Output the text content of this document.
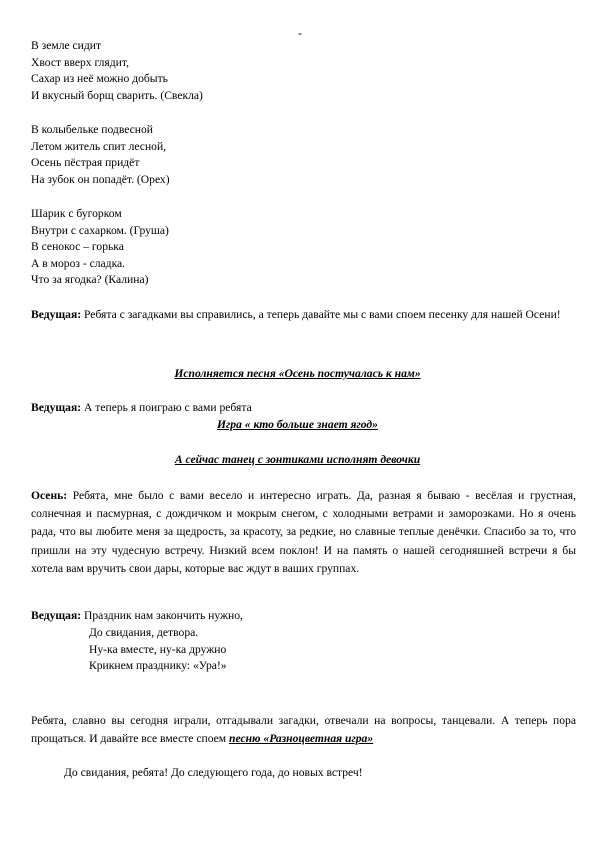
-
В земле сидит
Хвост вверх глядит,
Сахар из неё можно добыть
И вкусный борщ сварить. (Свекла)
В колыбельке подвесной
Летом житель спит лесной,
Осень пёстрая придёт
На зубок он попадёт. (Орех)
Шарик с бугорком
Внутри с сахарком. (Груша)
В сенокос – горька
А в мороз - сладка.
Что за ягодка? (Калина)
Ведущая: Ребята с загадками вы справились, а теперь давайте мы с вами споем песенку для нашей Осени!
Исполняется песня «Осень постучалась к нам»
Ведущая: А теперь я поиграю с вами ребята
Игра « кто больше знает ягод»
А сейчас танец с зонтиками исполнят девочки
Осень: Ребята, мне было с вами весело и интересно играть. Да, разная я бываю - весёлая и грустная, солнечная и пасмурная, с дождичком и мокрым снегом, с холодными ветрами и заморозками. Но я очень рада, что вы любите меня за щедрость, за красоту, за редкие, но славные теплые денёчки. Спасибо за то, что пришли на эту чудесную встречу. Низкий всем поклон! И на память о нашей сегодняшней встречи я бы хотела вам вручить свои дары, которые вас ждут в ваших группах.
Ведущая: Праздник нам закончить нужно,
До свидания, детвора.
Ну-ка вместе, ну-ка дружно
Крикнем празднику: «Ура!»
Ребята, славно вы сегодня играли, отгадывали загадки, отвечали на вопросы, танцевали. А теперь пора прощаться. И давайте все вместе споем песню «Разноцветная игра»
До свидания, ребята! До следующего года, до новых встреч!
